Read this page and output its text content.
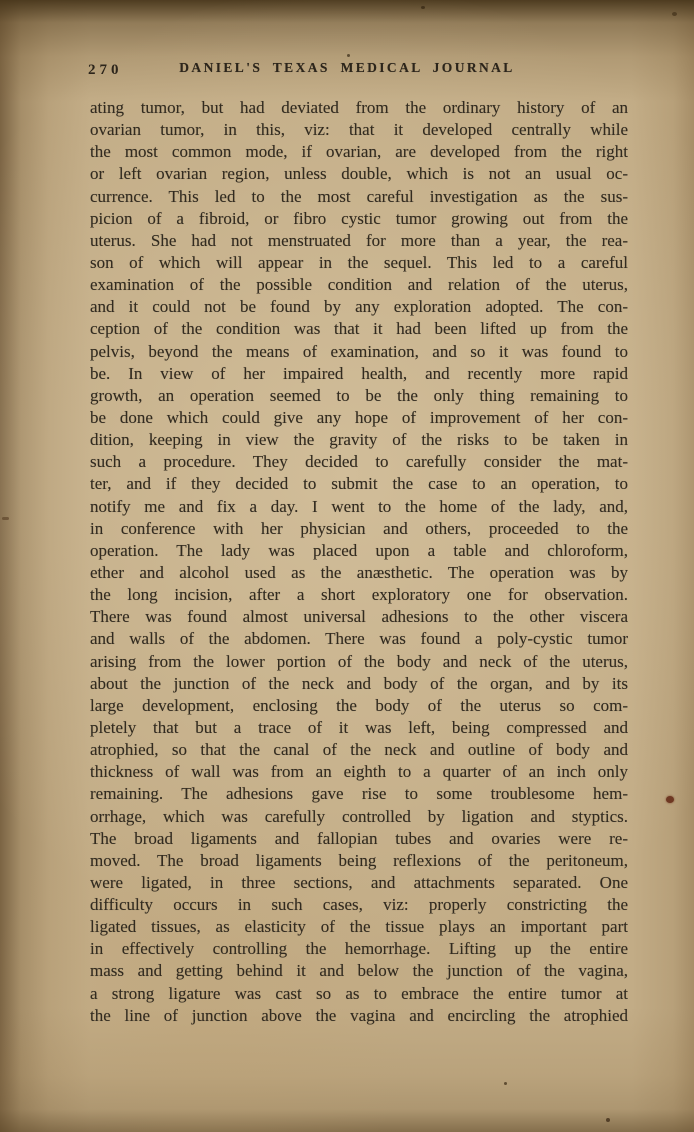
270	DANIEL'S TEXAS MEDICAL JOURNAL
ating tumor, but had deviated from the ordinary history of an
ovarian tumor, in this, viz: that it developed centrally while
the most common mode, if ovarian, are developed from the right
or left ovarian region, unless double, which is not an usual oc-
currence. This led to the most careful investigation as the sus-
picion of a fibroid, or fibro cystic tumor growing out from the
uterus. She had not menstruated for more than a year, the rea-
son of which will appear in the sequel. This led to a careful
examination of the possible condition and relation of the uterus,
and it could not be found by any exploration adopted. The con-
ception of the condition was that it had been lifted up from the
pelvis, beyond the means of examination, and so it was found to
be. In view of her impaired health, and recently more rapid
growth, an operation seemed to be the only thing remaining to
be done which could give any hope of improvement of her con-
dition, keeping in view the gravity of the risks to be taken in
such a procedure. They decided to carefully consider the mat-
ter, and if they decided to submit the case to an operation, to
notify me and fix a day. I went to the home of the lady, and,
in conference with her physician and others, proceeded to the
operation. The lady was placed upon a table and chloroform,
ether and alcohol used as the anæsthetic. The operation was by
the long incision, after a short exploratory one for observation.
There was found almost universal adhesions to the other viscera
and walls of the abdomen. There was found a poly-cystic tumor
arising from the lower portion of the body and neck of the uterus,
about the junction of the neck and body of the organ, and by its
large development, enclosing the body of the uterus so com-
pletely that but a trace of it was left, being compressed and
atrophied, so that the canal of the neck and outline of body and
thickness of wall was from an eighth to a quarter of an inch only
remaining. The adhesions gave rise to some troublesome hem-
orrhage, which was carefully controlled by ligation and styptics.
The broad ligaments and fallopian tubes and ovaries were re-
moved. The broad ligaments being reflexions of the peritoneum,
were ligated, in three sections, and attachments separated. One
difficulty occurs in such cases, viz: properly constricting the
ligated tissues, as elasticity of the tissue plays an important part
in effectively controlling the hemorrhage. Lifting up the entire
mass and getting behind it and below the junction of the vagina,
a strong ligature was cast so as to embrace the entire tumor at
the line of junction above the vagina and encircling the atrophied
